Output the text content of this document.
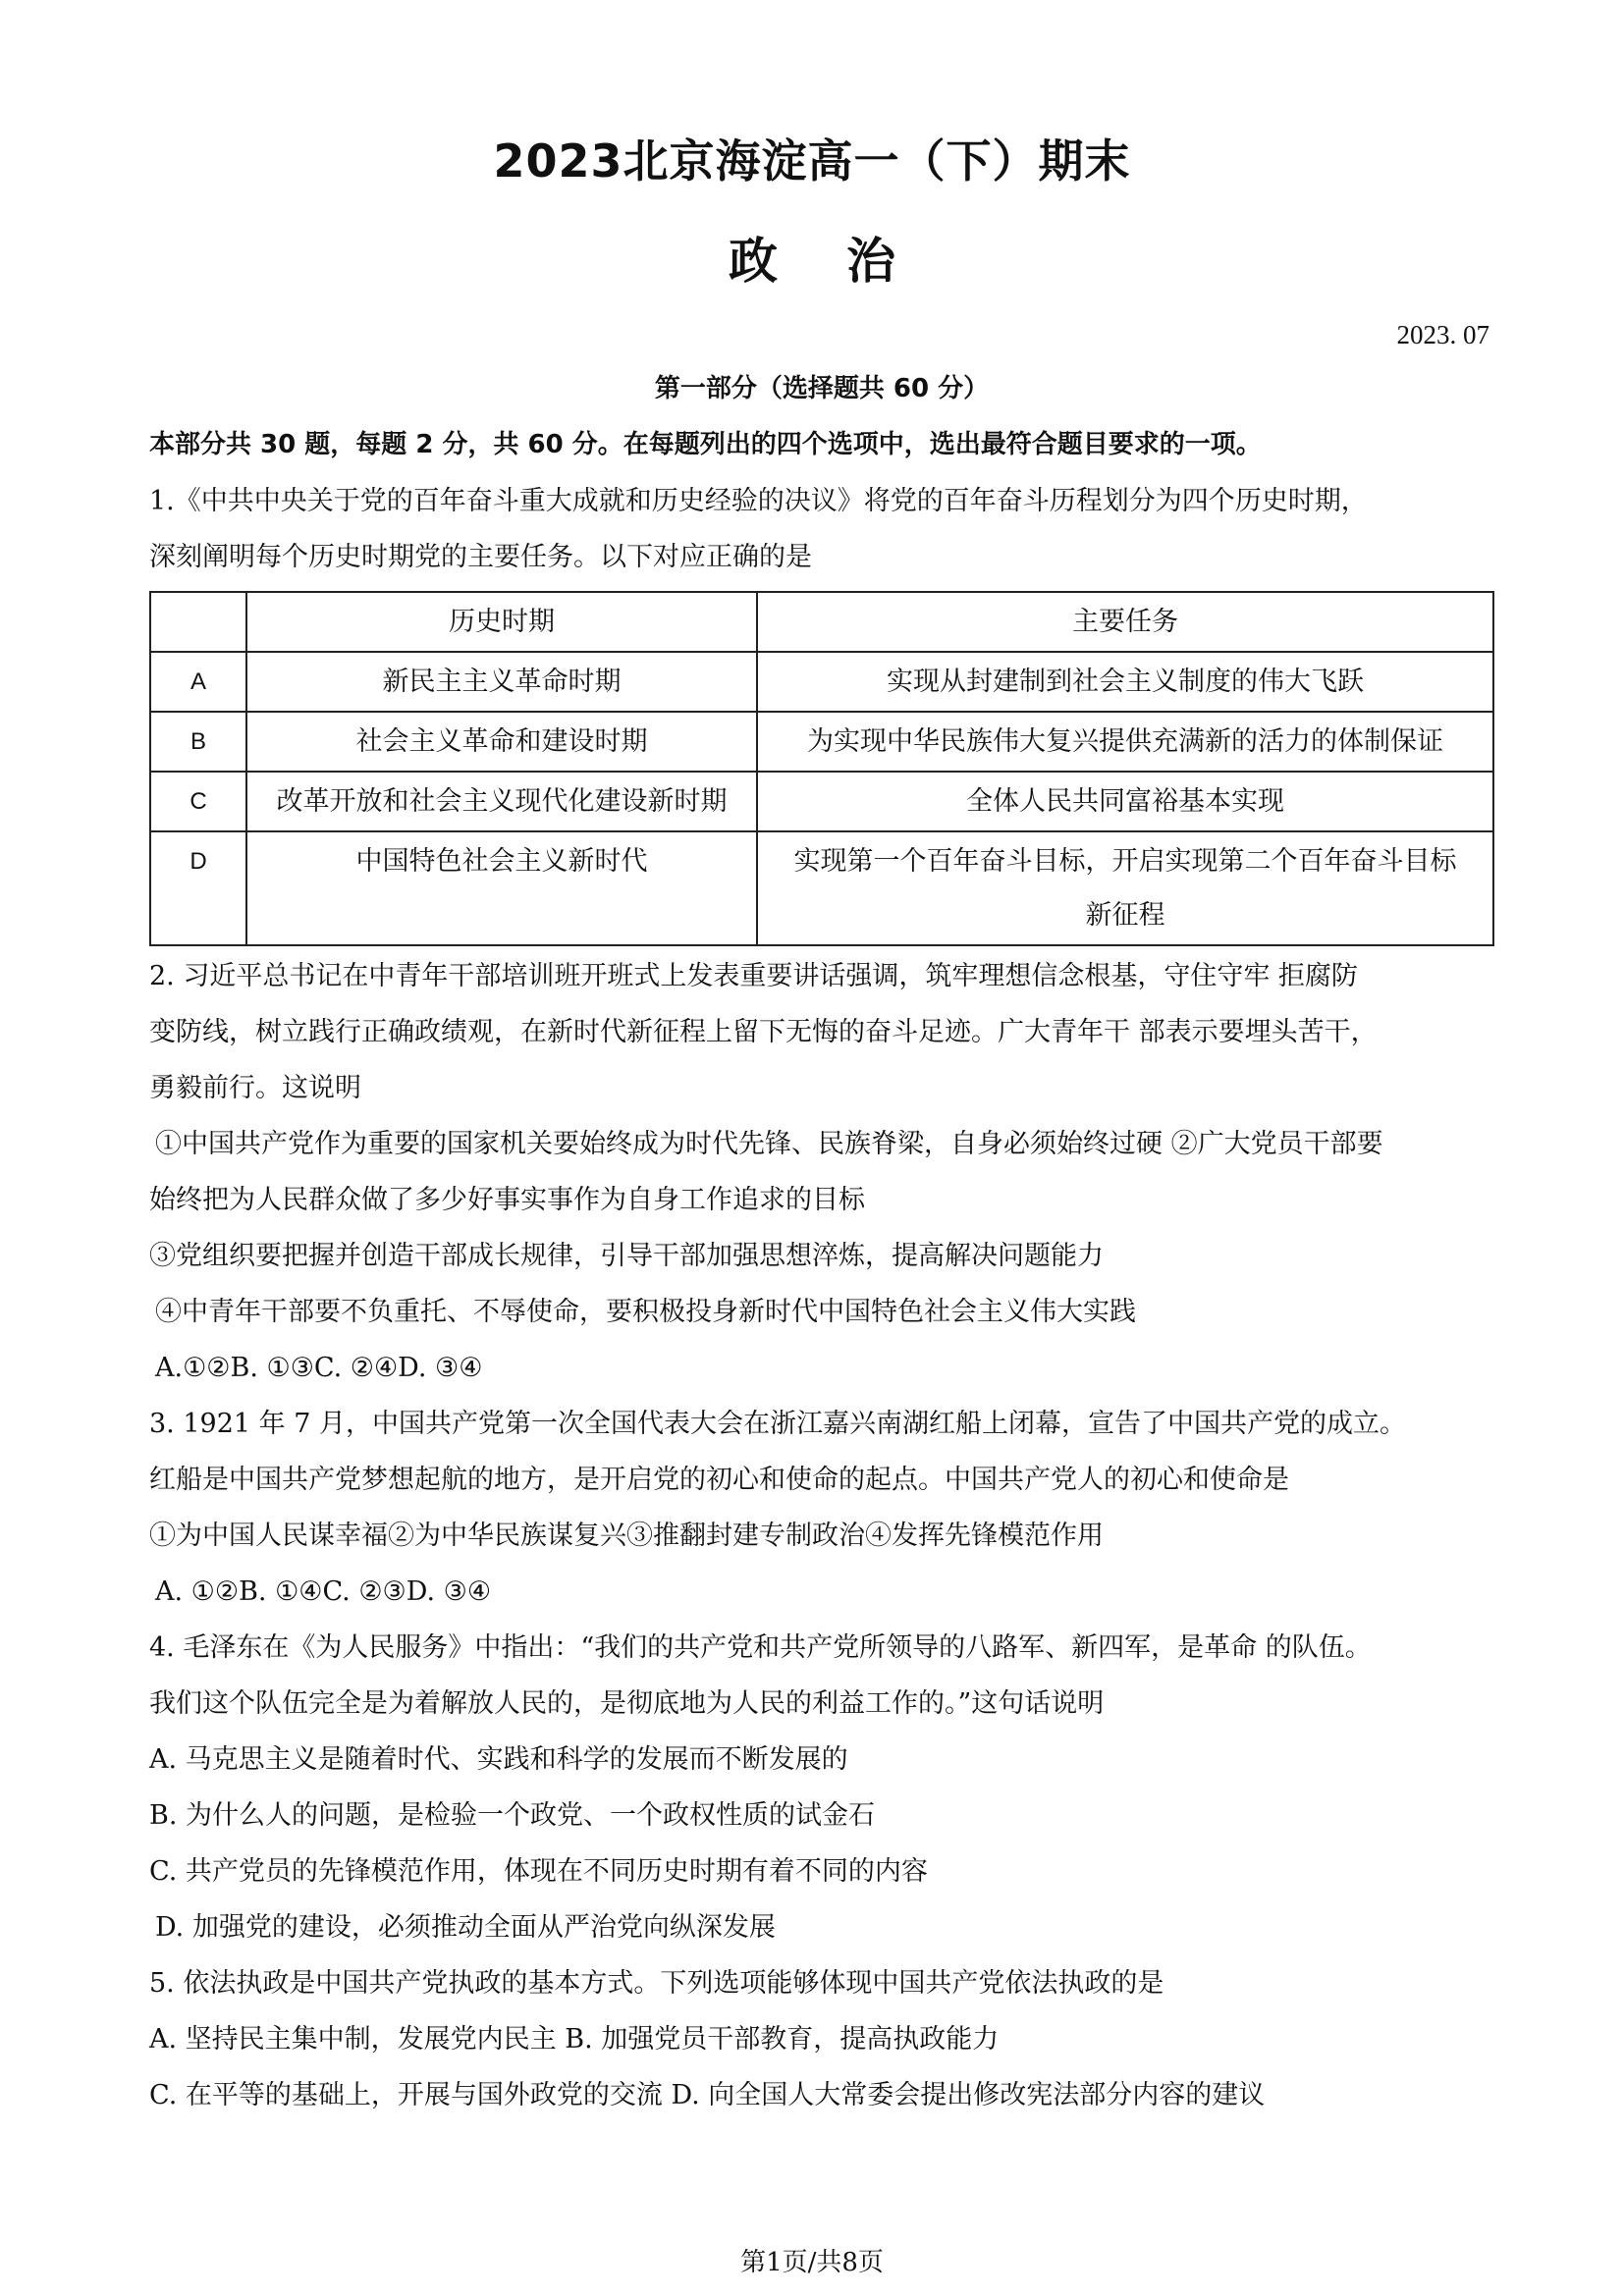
2023北京海淀高一（下）期末
政治
2023. 07
第一部分（选择题共 60 分）
本部分共 30 题，每题 2 分，共 60 分。在每题列出的四个选项中，选出最符合题目要求的一项。
1.《中共中央关于党的百年奋斗重大成就和历史经验的决议》将党的百年奋斗历程划分为四个历史时期，
深刻阐明每个历史时期党的主要任务。以下对应正确的是
	历史时期	主要任务
A	新民主主义革命时期	实现从封建制到社会主义制度的伟大飞跃
B	社会主义革命和建设时期	为实现中华民族伟大复兴提供充满新的活力的体制保证
C	改革开放和社会主义现代化建设新时期	全体人民共同富裕基本实现
D	中国特色社会主义新时代	实现第一个百年奋斗目标，开启实现第二个百年奋斗目标
新征程
2. 习近平总书记在中青年干部培训班开班式上发表重要讲话强调，筑牢理想信念根基，守住守牢 拒腐防
变防线，树立践行正确政绩观，在新时代新征程上留下无悔的奋斗足迹。广大青年干 部表示要埋头苦干，
勇毅前行。这说明
①中国共产党作为重要的国家机关要始终成为时代先锋、民族脊梁，自身必须始终过硬 ②广大党员干部要
始终把为人民群众做了多少好事实事作为自身工作追求的目标
③党组织要把握并创造干部成长规律，引导干部加强思想淬炼，提高解决问题能力
④中青年干部要不负重托、不辱使命，要积极投身新时代中国特色社会主义伟大实践
A.①②B. ①③C. ②④D. ③④
3. 1921 年 7 月，中国共产党第一次全国代表大会在浙江嘉兴南湖红船上闭幕，宣告了中国共产党的成立。
红船是中国共产党梦想起航的地方，是开启党的初心和使命的起点。中国共产党人的初心和使命是
①为中国人民谋幸福②为中华民族谋复兴③推翻封建专制政治④发挥先锋模范作用
A. ①②B. ①④C. ②③D. ③④
4. 毛泽东在《为人民服务》中指出：“我们的共产党和共产党所领导的八路军、新四军，是革命 的队伍。
我们这个队伍完全是为着解放人民的，是彻底地为人民的利益工作的。”这句话说明
A. 马克思主义是随着时代、实践和科学的发展而不断发展的
B. 为什么人的问题，是检验一个政党、一个政权性质的试金石
C. 共产党员的先锋模范作用，体现在不同历史时期有着不同的内容
D. 加强党的建设，必须推动全面从严治党向纵深发展
5. 依法执政是中国共产党执政的基本方式。下列选项能够体现中国共产党依法执政的是
A. 坚持民主集中制，发展党内民主 B. 加强党员干部教育，提高执政能力
C. 在平等的基础上，开展与国外政党的交流 D. 向全国人大常委会提出修改宪法部分内容的建议
第1页/共8页
